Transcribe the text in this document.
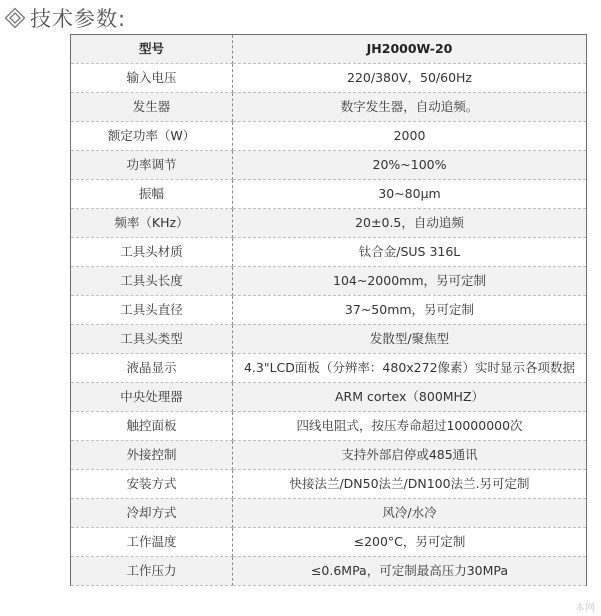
技术参数:
型号	JH2000W-20
输入电压	220/380V，50/60Hz
发生器	数字发生器，自动追频。
额定功率（W）	2000
功率调节	20%~100%
振幅	30~80μm
频率（KHz）	20±0.5，自动追频
工具头材质	钛合金/SUS 316L
工具头长度	104~2000mm，另可定制
工具头直径	37~50mm，另可定制
工具头类型	发散型/聚焦型
液晶显示	4.3"LCD面板（分辨率：480x272像素）实时显示各项数据
中央处理器	ARM cortex（800MHZ）
触控面板	四线电阻式，按压寿命超过10000000次
外接控制	支持外部启停或485通讯
安装方式	快接法兰/DN50法兰/DN100法兰.另可定制
冷却方式	风冷/水冷
工作温度	≤200°C，另可定制
工作压力	≤0.6MPa，可定制最高压力30MPa
本网
